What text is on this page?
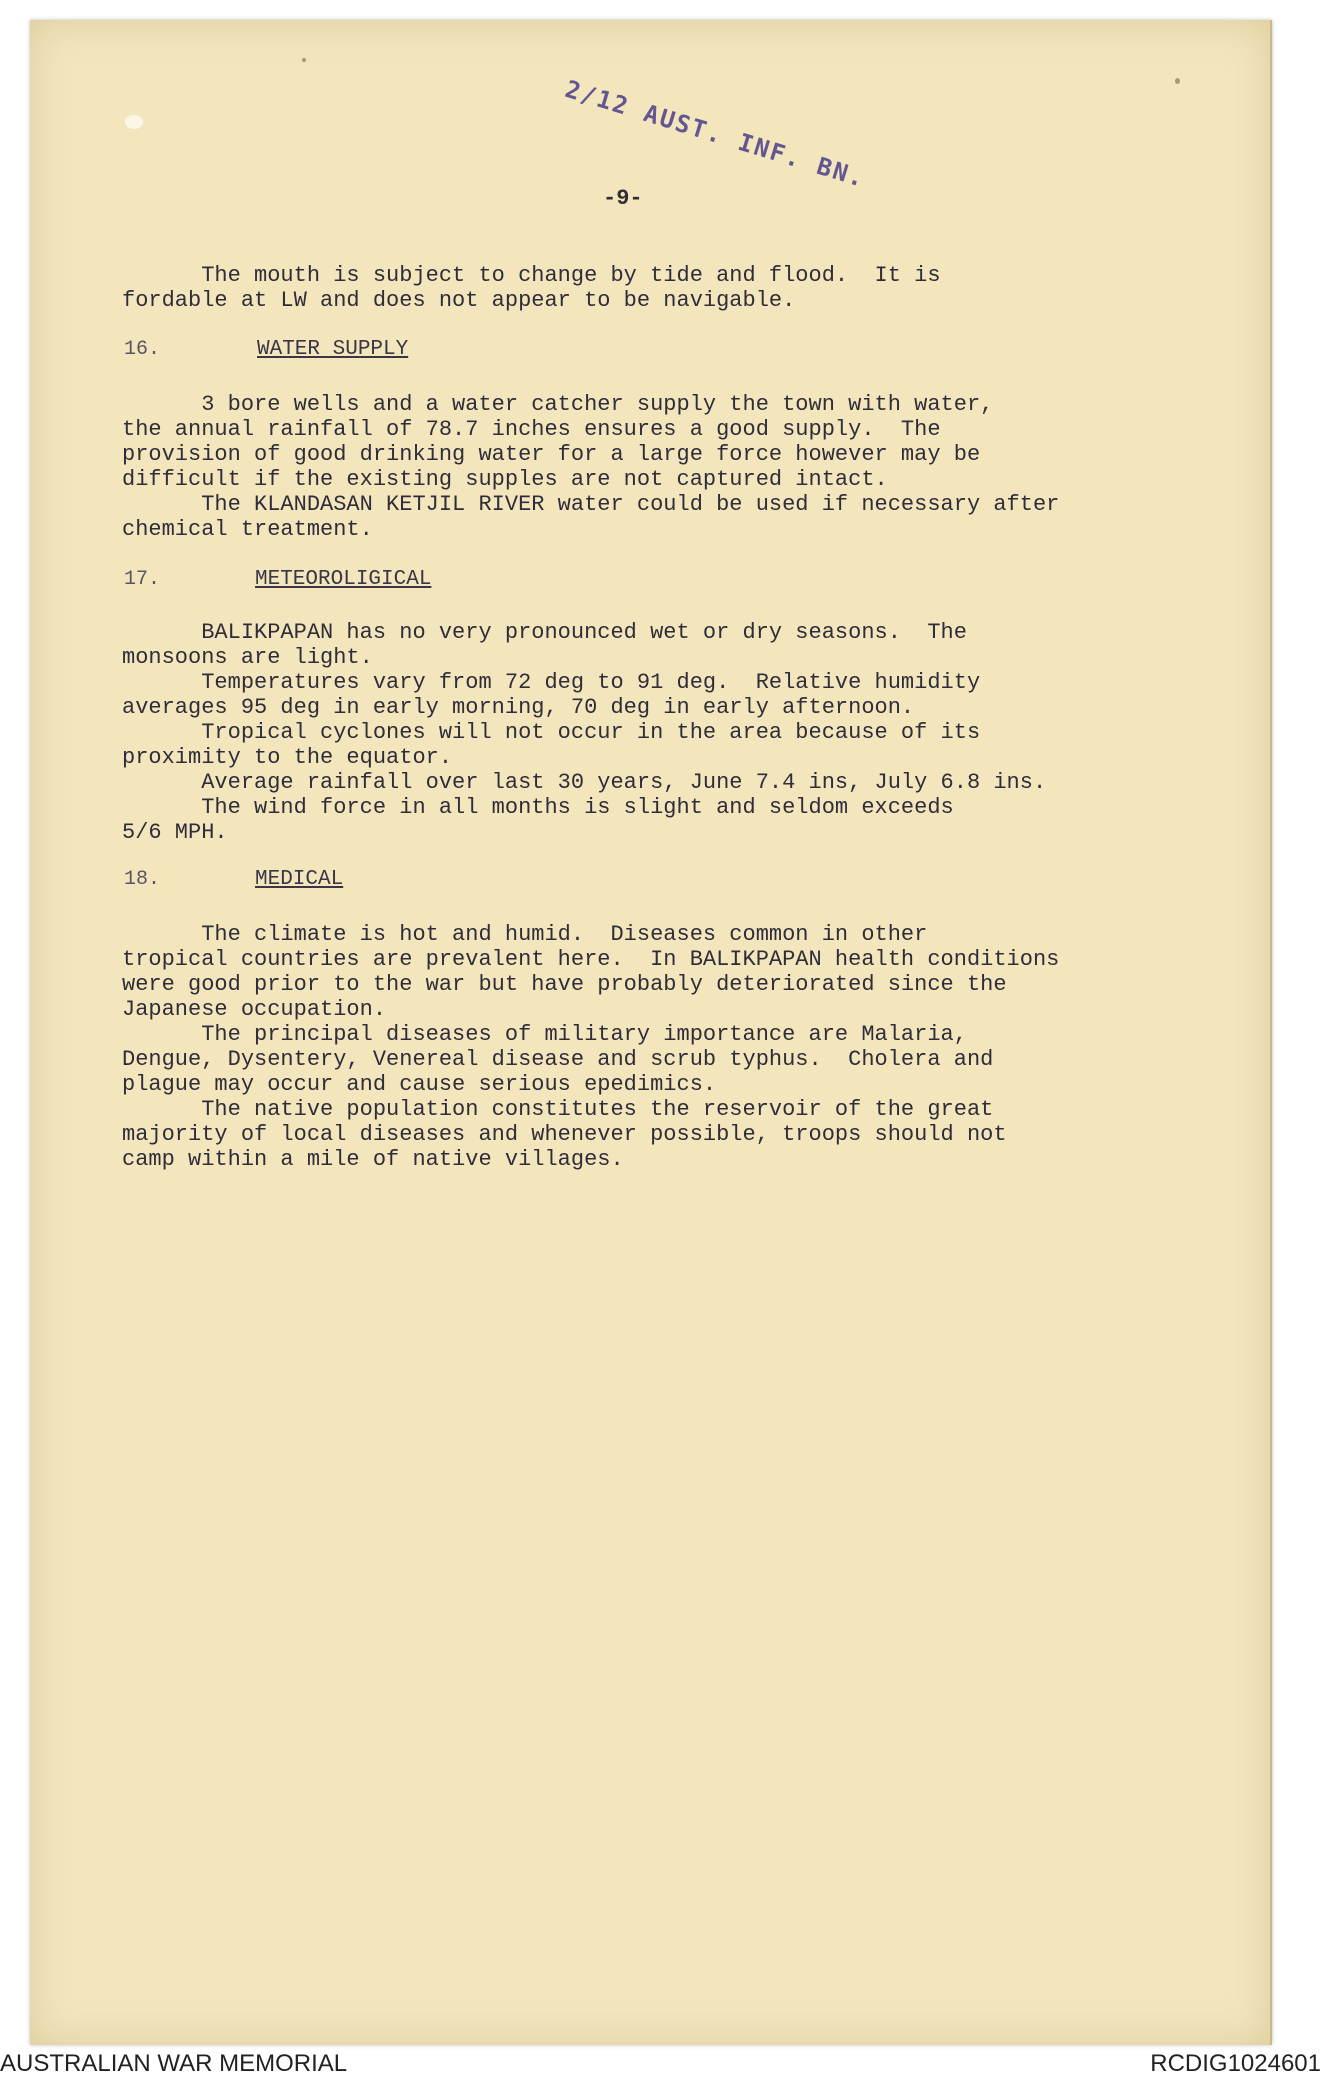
2/12 AUST. INF. BN.
-9-
The mouth is subject to change by tide and flood.  It is
fordable at LW and does not appear to be navigable.
16.	WATER SUPPLY
3 bore wells and a water catcher supply the town with water,
the annual rainfall of 78.7 inches ensures a good supply.  The
provision of good drinking water for a large force however may be
difficult if the existing supples are not captured intact.
The KLANDASAN KETJIL RIVER water could be used if necessary after
chemical treatment.
17.	METEOROLIGICAL
BALIKPAPAN has no very pronounced wet or dry seasons.  The
monsoons are light.
Temperatures vary from 72 deg to 91 deg.  Relative humidity
averages 95 deg in early morning, 70 deg in early afternoon.
Tropical cyclones will not occur in the area because of its
proximity to the equator.
Average rainfall over last 30 years, June 7.4 ins, July 6.8 ins.
The wind force in all months is slight and seldom exceeds
5/6 MPH.
18.	MEDICAL
The climate is hot and humid.  Diseases common in other
tropical countries are prevalent here.  In BALIKPAPAN health conditions
were good prior to the war but have probably deteriorated since the
Japanese occupation.
The principal diseases of military importance are Malaria,
Dengue, Dysentery, Venereal disease and scrub typhus.  Cholera and
plague may occur and cause serious epedimics.
The native population constitutes the reservoir of the great
majority of local diseases and whenever possible, troops should not
camp within a mile of native villages.
AUSTRALIAN WAR MEMORIAL	RCDIG1024601
